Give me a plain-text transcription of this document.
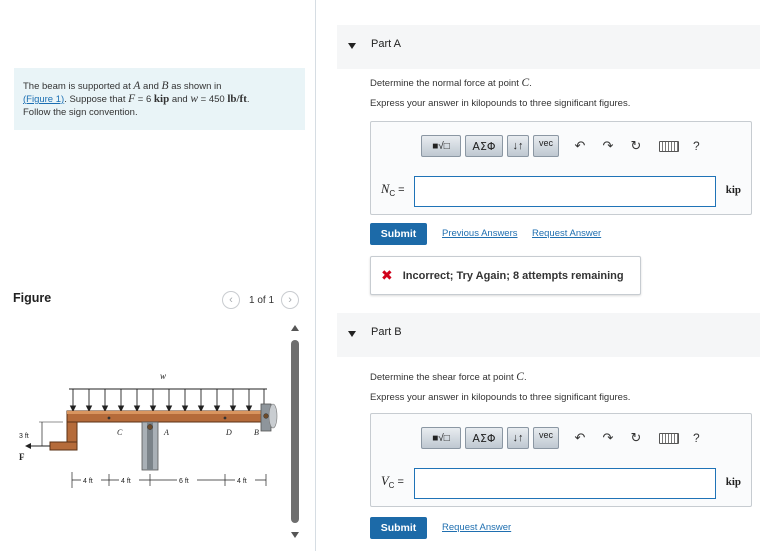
The beam is supported at A and B as shown in
(Figure 1). Suppose that F = 6 kip and w = 450 lb/ft.
Follow the sign convention.
Figure	‹ 1 of 1 ›
w
F
3 ft	C	A	D	B
4 ft	4 ft	6 ft	4 ft
Part A
Determine the normal force at point C.
Express your answer in kilopounds to three significant figures.
■√□	ΑΣΦ	↓↑	vec	↶	↷	↻	?
$N_C$ =	kip
Submit	Previous Answers Request Answer
✖ Incorrect; Try Again; 8 attempts remaining
Part B
Determine the shear force at point C.
Express your answer in kilopounds to three significant figures.
■√□	ΑΣΦ	↓↑	vec	↶	↷	↻	?
$V_C$ =	kip
Submit	Request Answer
